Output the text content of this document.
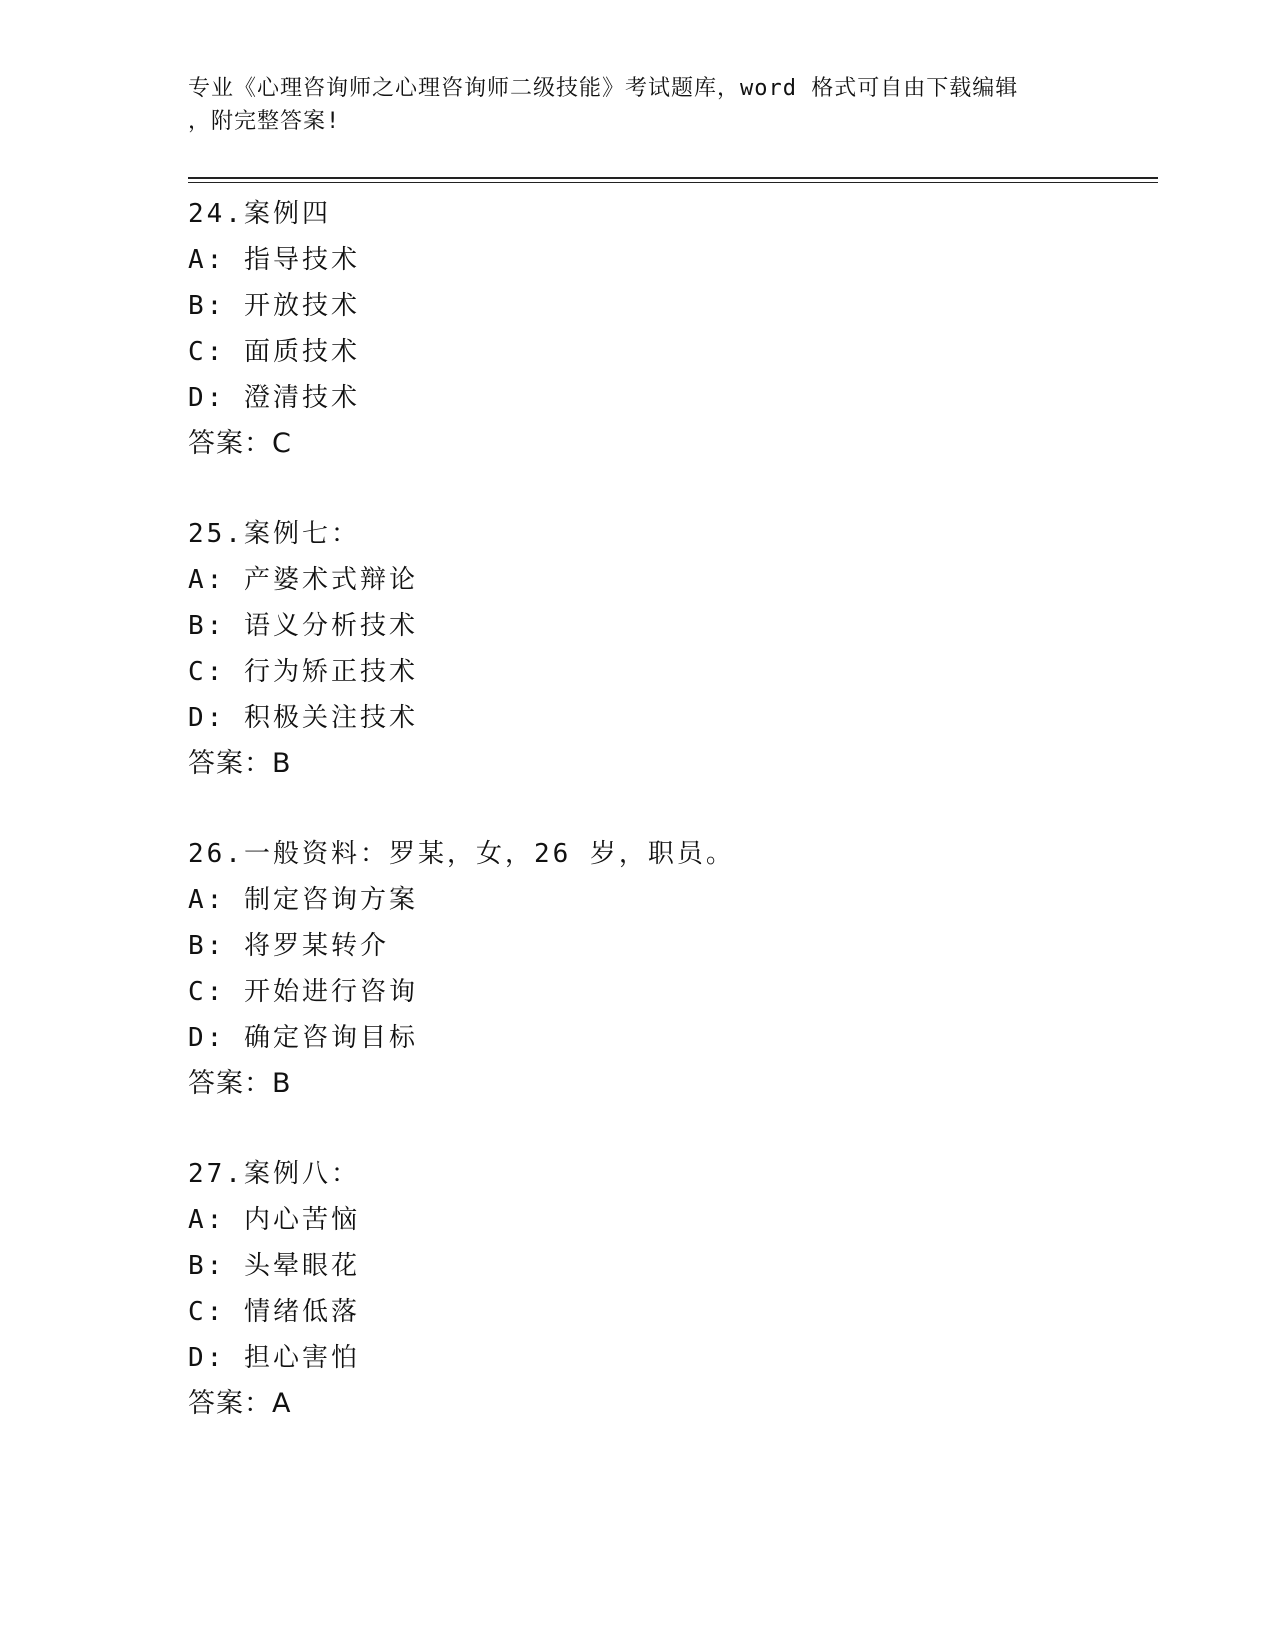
专业《心理咨询师之心理咨询师二级技能》考试题库，word 格式可自由下载编辑
，附完整答案!
24.案例四
A: 指导技术
B: 开放技术
C: 面质技术
D: 澄清技术
答案：C
25.案例七：
A: 产婆术式辩论
B: 语义分析技术
C: 行为矫正技术
D: 积极关注技术
答案：B
26.一般资料：罗某，女，26 岁，职员。
A: 制定咨询方案
B: 将罗某转介
C: 开始进行咨询
D: 确定咨询目标
答案：B
27.案例八：
A: 内心苦恼
B: 头晕眼花
C: 情绪低落
D: 担心害怕
答案：A
